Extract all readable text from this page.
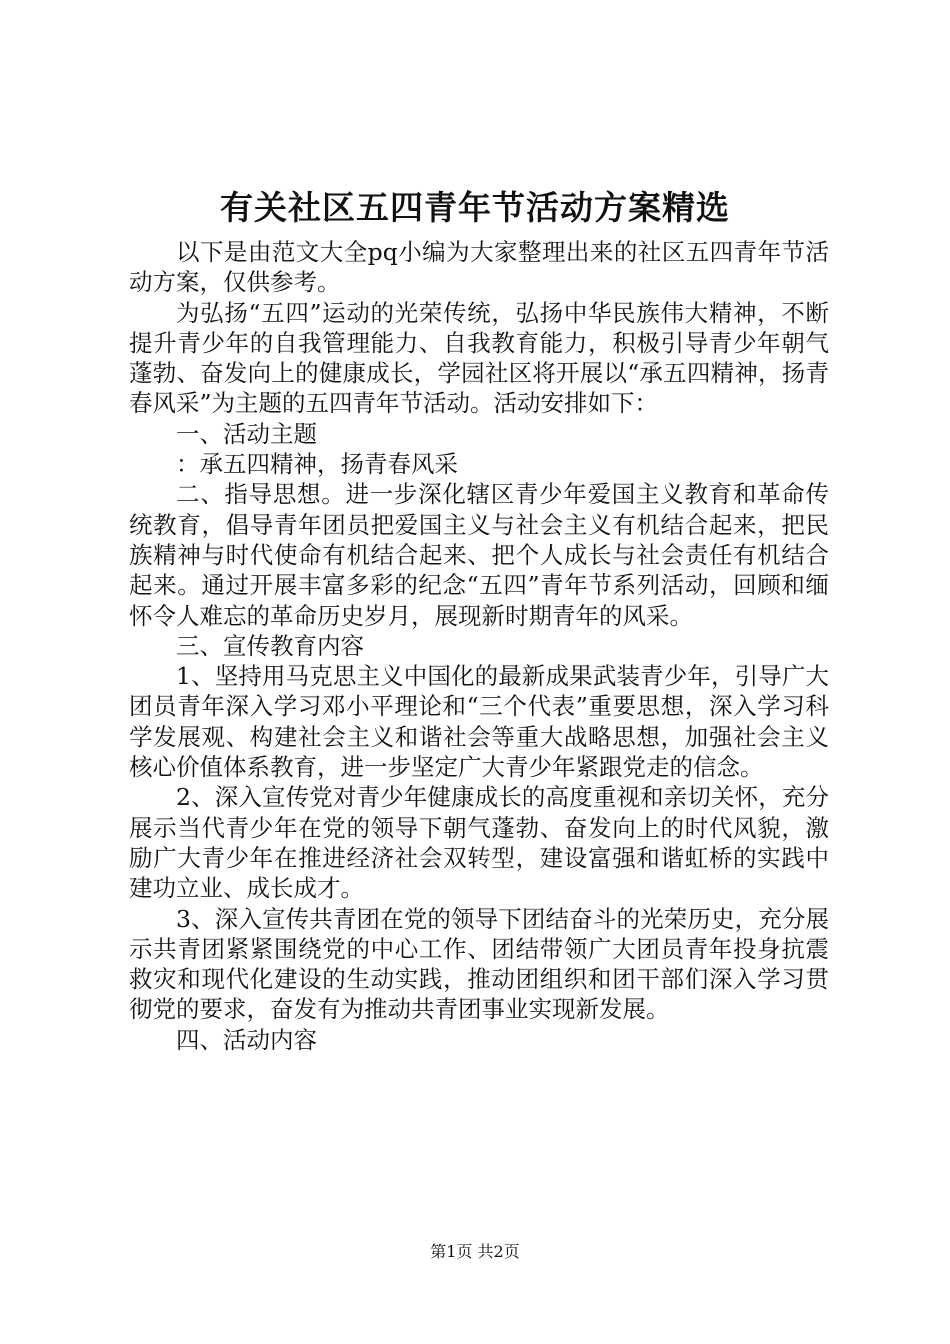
有关社区五四青年节活动方案精选

以下是由范文大全pq小编为大家整理出来的社区五四青年节活动方案，仅供参考。

为弘扬“五四”运动的光荣传统，弘扬中华民族伟大精神，不断提升青少年的自我管理能力、自我教育能力，积极引导青少年朝气蓬勃、奋发向上的健康成长，学园社区将开展以“承五四精神，扬青春风采”为主题的五四青年节活动。活动安排如下：

一、活动主题

：承五四精神，扬青春风采

二、指导思想。进一步深化辖区青少年爱国主义教育和革命传统教育，倡导青年团员把爱国主义与社会主义有机结合起来，把民族精神与时代使命有机结合起来、把个人成长与社会责任有机结合起来。通过开展丰富多彩的纪念“五四”青年节系列活动，回顾和缅怀令人难忘的革命历史岁月，展现新时期青年的风采。

三、宣传教育内容

1、坚持用马克思主义中国化的最新成果武装青少年，引导广大团员青年深入学习邓小平理论和“三个代表”重要思想，深入学习科学发展观、构建社会主义和谐社会等重大战略思想，加强社会主义核心价值体系教育，进一步坚定广大青少年紧跟党走的信念。

2、深入宣传党对青少年健康成长的高度重视和亲切关怀，充分展示当代青少年在党的领导下朝气蓬勃、奋发向上的时代风貌，激励广大青少年在推进经济社会双转型，建设富强和谐虹桥的实践中建功立业、成长成才。

3、深入宣传共青团在党的领导下团结奋斗的光荣历史，充分展示共青团紧紧围绕党的中心工作、团结带领广大团员青年投身抗震救灾和现代化建设的生动实践，推动团组织和团干部们深入学习贯彻党的要求，奋发有为推动共青团事业实现新发展。

四、活动内容

第1页 共2页
